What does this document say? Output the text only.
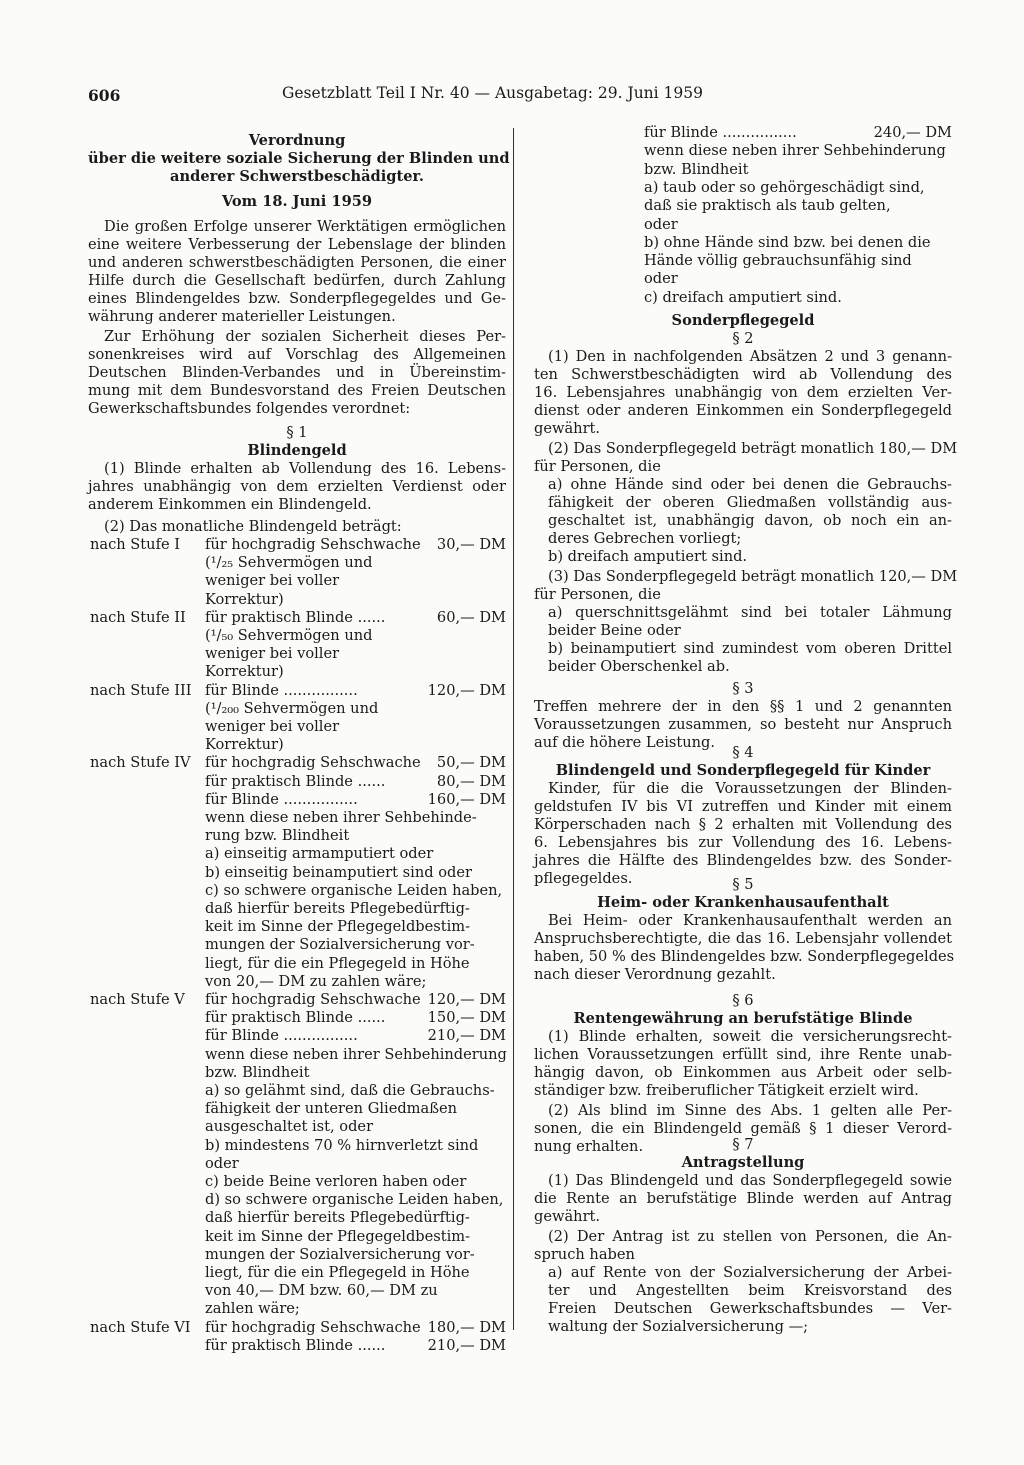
606	Gesetzblatt Teil I Nr. 40 — Ausgabetag: 29. Juni 1959
Verordnung
über die weitere soziale Sicherung der Blinden und
anderer Schwerstbeschädigter.
Vom 18. Juni 1959
Die großen Erfolge unserer Werktätigen ermöglichen
eine weitere Verbesserung der Lebenslage der blinden
und anderen schwerstbeschädigten Personen, die einer
Hilfe durch die Gesellschaft bedürfen, durch Zahlung
eines Blindengeldes bzw. Sonderpflegegeldes und Ge-
währung anderer materieller Leistungen.
Zur Erhöhung der sozialen Sicherheit dieses Per-
sonenkreises wird auf Vorschlag des Allgemeinen
Deutschen Blinden-Verbandes und in Übereinstim-
mung mit dem Bundesvorstand des Freien Deutschen
Gewerkschaftsbundes folgendes verordnet:
§ 1
Blindengeld
(1) Blinde erhalten ab Vollendung des 16. Lebens-
jahres unabhängig von dem erzielten Verdienst oder
anderem Einkommen ein Blindengeld.
(2) Das monatliche Blindengeld beträgt:
nach Stufe I für hochgradig Sehschwache 30,— DM
(¹/₂₅ Sehvermögen und
weniger bei voller
Korrektur)
nach Stufe II für praktisch Blinde ......	60,— DM
(¹/₅₀ Sehvermögen und
weniger bei voller
Korrektur)
nach Stufe III für Blinde ................	120,— DM
(¹/₂₀₀ Sehvermögen und
weniger bei voller
Korrektur)
nach Stufe IV für hochgradig Sehschwache 50,— DM
für praktisch Blinde ......	80,— DM
für Blinde ................	160,— DM
wenn diese neben ihrer Sehbehinde-
rung bzw. Blindheit
a) einseitig armamputiert oder
b) einseitig beinamputiert sind oder
c) so schwere organische Leiden haben,
daß hierfür bereits Pflegebedürftig-
keit im Sinne der Pflegegeldbestim-
mungen der Sozialversicherung vor-
liegt, für die ein Pflegegeld in Höhe
von 20,— DM zu zahlen wäre;
nach Stufe V für hochgradig Sehschwache 120,— DM
für praktisch Blinde ......	150,— DM
für Blinde ................	210,— DM
wenn diese neben ihrer Sehbehinderung
bzw. Blindheit
a) so gelähmt sind, daß die Gebrauchs-
fähigkeit der unteren Gliedmaßen
ausgeschaltet ist, oder
b) mindestens 70 % hirnverletzt sind
oder
c) beide Beine verloren haben oder
d) so schwere organische Leiden haben,
daß hierfür bereits Pflegebedürftig-
keit im Sinne der Pflegegeldbestim-
mungen der Sozialversicherung vor-
liegt, für die ein Pflegegeld in Höhe
von 40,— DM bzw. 60,— DM zu
zahlen wäre;
nach Stufe VI für hochgradig Sehschwache 180,— DM
für praktisch Blinde ......	210,— DM
für Blinde ................	240,— DM
wenn diese neben ihrer Sehbehinderung
bzw. Blindheit
a) taub oder so gehörgeschädigt sind,
daß sie praktisch als taub gelten,
oder
b) ohne Hände sind bzw. bei denen die
Hände völlig gebrauchsunfähig sind
oder
c) dreifach amputiert sind.
Sonderpflegegeld
§ 2
(1) Den in nachfolgenden Absätzen 2 und 3 genann-
ten Schwerstbeschädigten wird ab Vollendung des
16. Lebensjahres unabhängig von dem erzielten Ver-
dienst oder anderen Einkommen ein Sonderpflegegeld
gewährt.
(2) Das Sonderpflegegeld beträgt monatlich 180,— DM
für Personen, die
a) ohne Hände sind oder bei denen die Gebrauchs-
fähigkeit der oberen Gliedmaßen vollständig aus-
geschaltet ist, unabhängig davon, ob noch ein an-
deres Gebrechen vorliegt;
b) dreifach amputiert sind.
(3) Das Sonderpflegegeld beträgt monatlich 120,— DM
für Personen, die
a) querschnittsgelähmt sind bei totaler Lähmung
beider Beine oder
b) beinamputiert sind zumindest vom oberen Drittel
beider Oberschenkel ab.
§ 3
Treffen mehrere der in den §§ 1 und 2 genannten
Voraussetzungen zusammen, so besteht nur Anspruch
auf die höhere Leistung.
§ 4
Blindengeld und Sonderpflegegeld für Kinder
Kinder, für die die Voraussetzungen der Blinden-
geldstufen IV bis VI zutreffen und Kinder mit einem
Körperschaden nach § 2 erhalten mit Vollendung des
6. Lebensjahres bis zur Vollendung des 16. Lebens-
jahres die Hälfte des Blindengeldes bzw. des Sonder-
pflegegeldes.	§ 5
Heim- oder Krankenhausaufenthalt
Bei Heim- oder Krankenhausaufenthalt werden an
Anspruchsberechtigte, die das 16. Lebensjahr vollendet
haben, 50 % des Blindengeldes bzw. Sonderpflegegeldes
nach dieser Verordnung gezahlt.
§ 6
Rentengewährung an berufstätige Blinde
(1) Blinde erhalten, soweit die versicherungsrecht-
lichen Voraussetzungen erfüllt sind, ihre Rente unab-
hängig davon, ob Einkommen aus Arbeit oder selb-
ständiger bzw. freiberuflicher Tätigkeit erzielt wird.
(2) Als blind im Sinne des Abs. 1 gelten alle Per-
sonen, die ein Blindengeld gemäß § 1 dieser Verord-
nung erhalten.	§ 7
Antragstellung
(1) Das Blindengeld und das Sonderpflegegeld sowie
die Rente an berufstätige Blinde werden auf Antrag
gewährt.
(2) Der Antrag ist zu stellen von Personen, die An-
spruch haben
a) auf Rente von der Sozialversicherung der Arbei-
ter und Angestellten beim Kreisvorstand des
Freien Deutschen Gewerkschaftsbundes — Ver-
waltung der Sozialversicherung —;
